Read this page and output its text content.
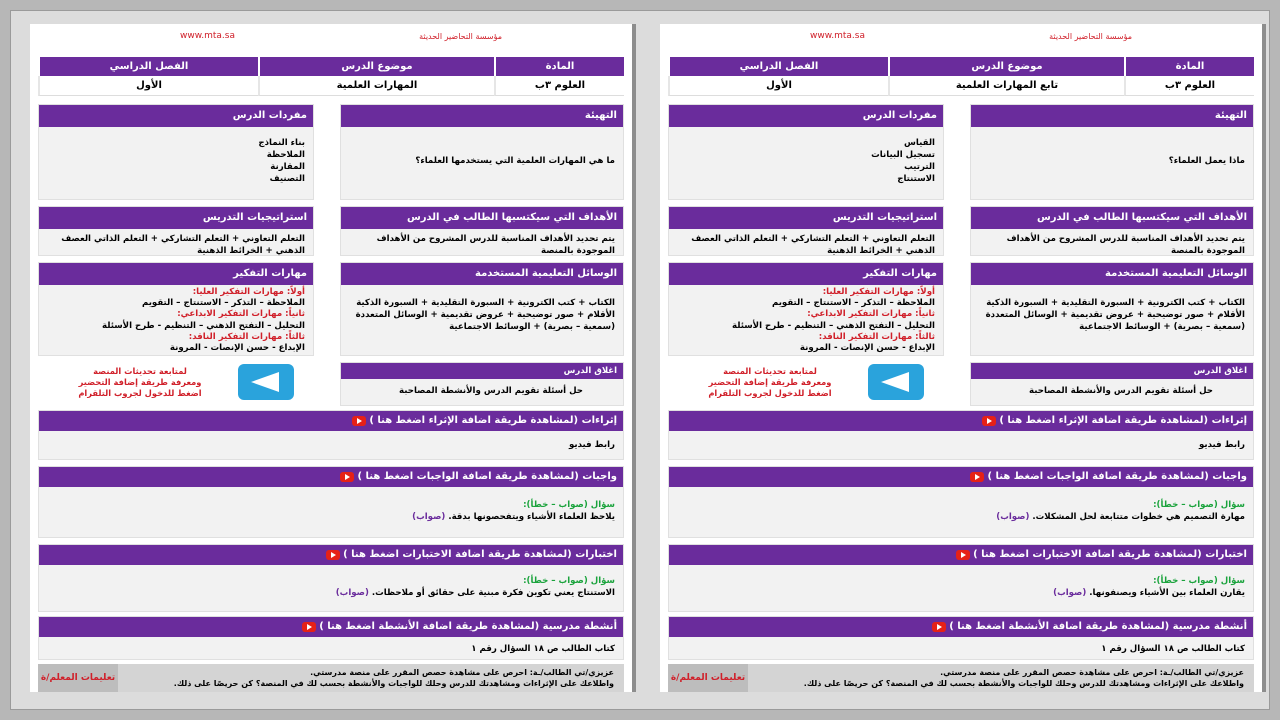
مؤسسة التحاضير الحديثة
www.mta.sa
المادة
موضوع الدرس
الفصل الدراسي
العلوم ٣ب
المهارات العلمية
الأول
التهيئة
ما هي المهارات العلمية التي يستخدمها العلماء؟
مفردات الدرس
بناء النماذج
الملاحظة
المقارنة
التصنيف
الأهداف التي سيكتسبها الطالب في الدرس
يتم تحديد الأهداف المناسبة للدرس المشروح من الأهداف الموجودة بالمنصة
استراتيجيات التدريس
التعلم التعاوني + التعلم التشاركي + التعلم الذاتي العصف الذهني + الخرائط الذهنية
الوسائل التعليمية المستخدمة
الكتاب + كتب الكترونية + السبورة التقليدية + السبورة الذكية الأقلام + صور توضيحية + عروض تقديمية + الوسائل المتعددة (سمعية – بصرية) + الوسائط الاجتماعية
مهارات التفكير
أولاً: مهارات التفكير العليا:
الملاحظة – التذكر – الاستنتاج – التقويم
ثانياً: مهارات التفكير الابداعي:
التحليل – التفتح الذهني – التنظيم - طرح الأسئلة
ثالثاً: مهارات التفكير الناقد:
الإبداع - حسن الإنصات - المرونة
اغلاق الدرس
حل أسئلة تقويم الدرس والأنشطة المصاحبة
لمتابعة تحديثات المنصة
ومعرفة طريقة إضافة التحضير
اضغط للدخول لجروب التلقرام
إثراءات (لمشاهدة طريقة اضافة الإثراء اضغط هنا )
رابط فيديو
واجبات (لمشاهدة طريقة اضافة الواجبات اضغط هنا )
سؤال (صواب – خطأ):
يلاحظ العلماء الأشياء ويتفحصونها بدقة. (صواب)
اختبارات (لمشاهدة طريقة اضافة الاختبارات اضغط هنا )
سؤال (صواب – خطأ):
الاستنتاج يعني تكوين فكرة مبنية على حقائق أو ملاحظات. (صواب)
أنشطة مدرسية (لمشاهدة طريقة اضافة الأنشطة اضغط هنا )
كتاب الطالب ص ١٨ السؤال رقم ١
عزيزي/تي الطالب/ـة: احرص على مشاهدة حصص المقرر على منصة مدرستي.
واطلاعك على الإثراءات ومشاهدتك للدرس وحلك للواجبات والأنشطة بحسب لك في المنصة؟ كن حريصًا على ذلك.
تعليمات المعلم/ة
مؤسسة التحاضير الحديثة
www.mta.sa
المادة
موضوع الدرس
الفصل الدراسي
العلوم ٣ب
تابع المهارات العلمية
الأول
التهيئة
ماذا يعمل العلماء؟
مفردات الدرس
القياس
تسجيل البيانات
الترتيب
الاستنتاج
الأهداف التي سيكتسبها الطالب في الدرس
يتم تحديد الأهداف المناسبة للدرس المشروح من الأهداف الموجودة بالمنصة
استراتيجيات التدريس
التعلم التعاوني + التعلم التشاركي + التعلم الذاتي العصف الذهني + الخرائط الذهنية
الوسائل التعليمية المستخدمة
الكتاب + كتب الكترونية + السبورة التقليدية + السبورة الذكية الأقلام + صور توضيحية + عروض تقديمية + الوسائل المتعددة (سمعية – بصرية) + الوسائط الاجتماعية
مهارات التفكير
أولاً: مهارات التفكير العليا:
الملاحظة – التذكر – الاستنتاج – التقويم
ثانياً: مهارات التفكير الابداعي:
التحليل – التفتح الذهني – التنظيم - طرح الأسئلة
ثالثاً: مهارات التفكير الناقد:
الإبداع - حسن الإنصات - المرونة
اغلاق الدرس
حل أسئلة تقويم الدرس والأنشطة المصاحبة
لمتابعة تحديثات المنصة
ومعرفة طريقة إضافة التحضير
اضغط للدخول لجروب التلقرام
إثراءات (لمشاهدة طريقة اضافة الإثراء اضغط هنا )
رابط فيديو
واجبات (لمشاهدة طريقة اضافة الواجبات اضغط هنا )
سؤال (صواب – خطأ):
مهارة التصميم هي خطوات متتابعة لحل المشكلات. (صواب)
اختبارات (لمشاهدة طريقة اضافة الاختبارات اضغط هنا )
سؤال (صواب – خطأ):
يقارن العلماء بين الأشياء ويصنفونها. (صواب)
أنشطة مدرسية (لمشاهدة طريقة اضافة الأنشطة اضغط هنا )
كتاب الطالب ص ١٨ السؤال رقم ١
عزيزي/تي الطالب/ـة: احرص على مشاهدة حصص المقرر على منصة مدرستي.
واطلاعك على الإثراءات ومشاهدتك للدرس وحلك للواجبات والأنشطة بحسب لك في المنصة؟ كن حريصًا على ذلك.
تعليمات المعلم/ة
